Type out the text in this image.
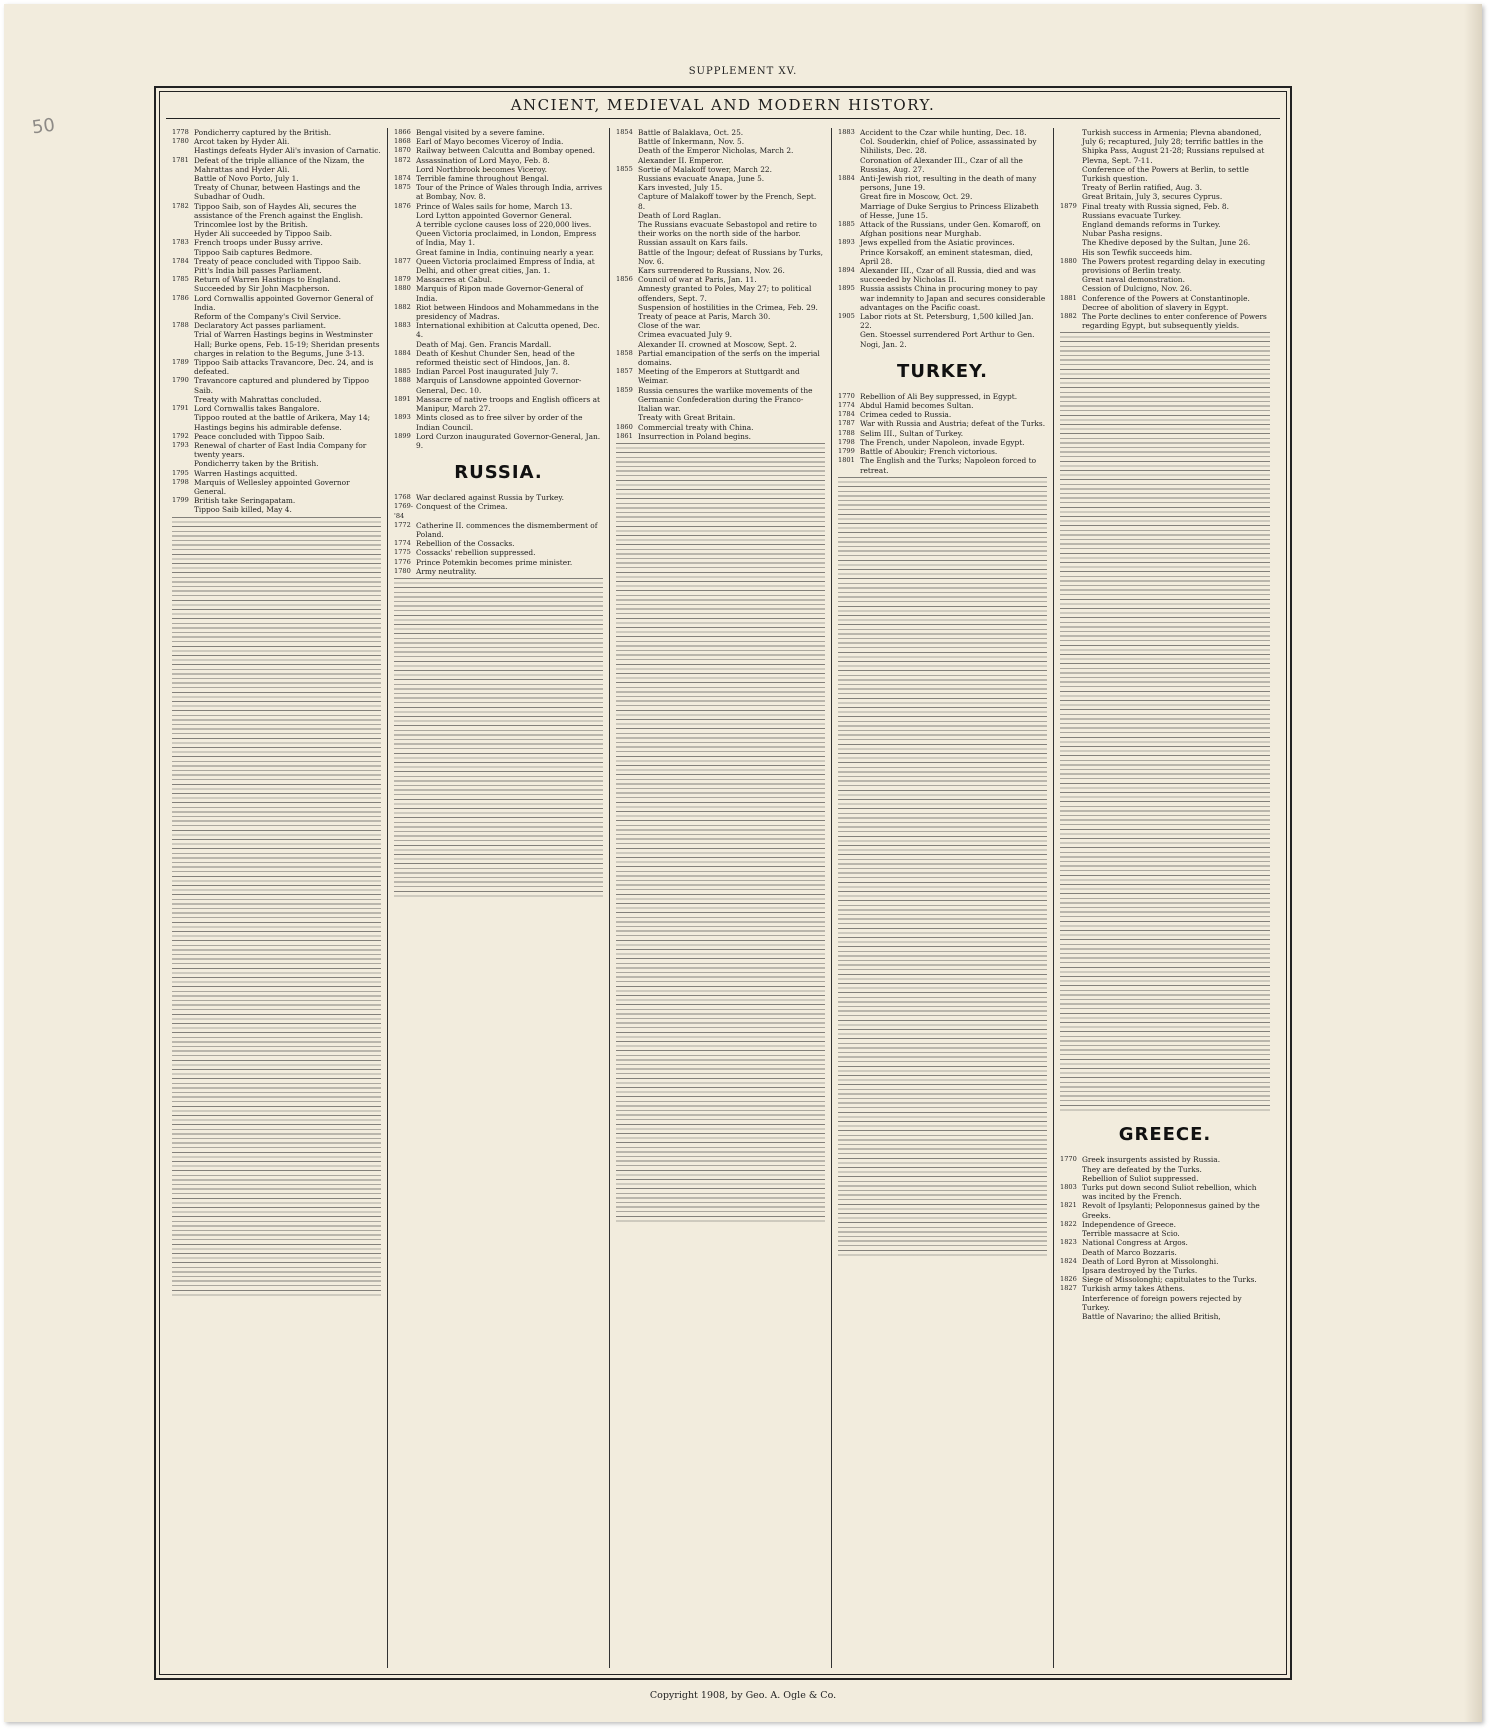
50
SUPPLEMENT XV.
ANCIENT, MEDIEVAL AND MODERN HISTORY.
1778 Pondicherry captured by the British.
1780 Arcot taken by Hyder Ali.
Hastings defeats Hyder Ali's invasion of Carnatic.
1781 Defeat of the triple alliance of the Nizam, the Mahrattas and Hyder Ali.
Battle of Novo Porto, July 1.
Treaty of Chunar, between Hastings and the Subadhar of Oudh.
1782 Tippoo Saib, son of Haydes Ali, secures the assistance of the French against the English.
Trincomlee lost by the British.
Hyder Ali succeeded by Tippoo Saib.
1783 French troops under Bussy arrive.
Tippoo Saib captures Bedmore.
1784 Treaty of peace concluded with Tippoo Saib.
Pitt's India bill passes Parliament.
1785 Return of Warren Hastings to England.
Succeeded by Sir John Macpherson.
1786 Lord Cornwallis appointed Governor General of India.
Reform of the Company's Civil Service.
1788 Declaratory Act passes parliament.
Trial of Warren Hastings begins in Westminster Hall; Burke opens, Feb. 15-19; Sheridan presents charges in relation to the Begums, June 3-13.
1789 Tippoo Saib attacks Travancore, Dec. 24, and is defeated.
1790 Travancore captured and plundered by Tippoo Saib.
Treaty with Mahrattas concluded.
1791 Lord Cornwallis takes Bangalore.
Tippoo routed at the battle of Arikera, May 14; Hastings begins his admirable defense.
1792 Peace concluded with Tippoo Saib.
1793 Renewal of charter of East India Company for twenty years.
Pondicherry taken by the British.
1795 Warren Hastings acquitted.
1798 Marquis of Wellesley appointed Governor General.
1799 British take Seringapatam.
Tippoo Saib killed, May 4.
1866 Bengal visited by a severe famine.
1868 Earl of Mayo becomes Viceroy of India.
1870 Railway between Calcutta and Bombay opened.
1872 Assassination of Lord Mayo, Feb. 8.
Lord Northbrook becomes Viceroy.
1874 Terrible famine throughout Bengal.
1875 Tour of the Prince of Wales through India, arrives at Bombay, Nov. 8.
1876 Prince of Wales sails for home, March 13.
Lord Lytton appointed Governor General.
A terrible cyclone causes loss of 220,000 lives.
Queen Victoria proclaimed, in London, Empress of India, May 1.
Great famine in India, continuing nearly a year.
1877 Queen Victoria proclaimed Empress of India, at Delhi, and other great cities, Jan. 1.
1879 Massacres at Cabul.
1880 Marquis of Ripon made Governor-General of India.
1882 Riot between Hindoos and Mohammedans in the presidency of Madras.
1883 International exhibition at Calcutta opened, Dec. 4.
Death of Maj. Gen. Francis Mardall.
1884 Death of Keshut Chunder Sen, head of the reformed theistic sect of Hindoos, Jan. 8.
1885 Indian Parcel Post inaugurated July 7.
1888 Marquis of Lansdowne appointed Governor-General, Dec. 10.
1891 Massacre of native troops and English officers at Manipur, March 27.
1893 Mints closed as to free silver by order of the Indian Council.
1899 Lord Curzon inaugurated Governor-General, Jan. 9.
RUSSIA.
1768 War declared against Russia by Turkey.
1769-'84
Conquest of the Crimea.
1772 Catherine II. commences the dismemberment of Poland.
1774 Rebellion of the Cossacks.
1775 Cossacks' rebellion suppressed.
1776 Prince Potemkin becomes prime minister.
1780 Army neutrality.
1854 Battle of Balaklava, Oct. 25.
Battle of Inkermann, Nov. 5.
Death of the Emperor Nicholas, March 2.
Alexander II. Emperor.
1855 Sortie of Malakoff tower, March 22.
Russians evacuate Anapa, June 5.
Kars invested, July 15.
Capture of Malakoff tower by the French, Sept. 8.
Death of Lord Raglan.
The Russians evacuate Sebastopol and retire to their works on the north side of the harbor.
Russian assault on Kars fails.
Battle of the Ingour; defeat of Russians by Turks, Nov. 6.
Kars surrendered to Russians, Nov. 26.
1856 Council of war at Paris, Jan. 11.
Amnesty granted to Poles, May 27; to political offenders, Sept. 7.
Suspension of hostilities in the Crimea, Feb. 29.
Treaty of peace at Paris, March 30.
Close of the war.
Crimea evacuated July 9.
Alexander II. crowned at Moscow, Sept. 2.
1858 Partial emancipation of the serfs on the imperial domains.
1857 Meeting of the Emperors at Stuttgardt and Weimar.
1859 Russia censures the warlike movements of the Germanic Confederation during the Franco-Italian war.
Treaty with Great Britain.
1860 Commercial treaty with China.
1861 Insurrection in Poland begins.
1883 Accident to the Czar while hunting, Dec. 18.
Col. Souderkin, chief of Police, assassinated by Nihilists, Dec. 28.
Coronation of Alexander III., Czar of all the Russias, Aug. 27.
1884 Anti-Jewish riot, resulting in the death of many persons, June 19.
Great fire in Moscow, Oct. 29.
Marriage of Duke Sergius to Princess Elizabeth of Hesse, June 15.
1885 Attack of the Russians, under Gen. Komaroff, on Afghan positions near Murghab.
1893 Jews expelled from the Asiatic provinces.
Prince Korsakoff, an eminent statesman, died, April 28.
1894 Alexander III., Czar of all Russia, died and was succeeded by Nicholas II.
1895 Russia assists China in procuring money to pay war indemnity to Japan and secures considerable advantages on the Pacific coast.
1905 Labor riots at St. Petersburg, 1,500 killed Jan. 22.
Gen. Stoessel surrendered Port Arthur to Gen. Nogi, Jan. 2.
TURKEY.
1770 Rebellion of Ali Bey suppressed, in Egypt.
1774 Abdul Hamid becomes Sultan.
1784 Crimea ceded to Russia.
1787 War with Russia and Austria; defeat of the Turks.
1788 Selim III., Sultan of Turkey.
1798 The French, under Napoleon, invade Egypt.
1799 Battle of Aboukir; French victorious.
1801 The English and the Turks; Napoleon forced to retreat.
Turkish success in Armenia; Plevna abandoned, July 6; recaptured, July 28; terrific battles in the Shipka Pass, August 21-28; Russians repulsed at Plevna, Sept. 7-11.
Conference of the Powers at Berlin, to settle Turkish question.
Treaty of Berlin ratified, Aug. 3.
Great Britain, July 3, secures Cyprus.
1879 Final treaty with Russia signed, Feb. 8.
Russians evacuate Turkey.
England demands reforms in Turkey.
Nubar Pasha resigns.
The Khedive deposed by the Sultan, June 26.
His son Tewfik succeeds him.
1880 The Powers protest regarding delay in executing provisions of Berlin treaty.
Great naval demonstration.
Cession of Dulcigno, Nov. 26.
1881 Conference of the Powers at Constantinople.
Decree of abolition of slavery in Egypt.
1882 The Porte declines to enter conference of Powers regarding Egypt, but subsequently yields.
GREECE.
1770 Greek insurgents assisted by Russia.
They are defeated by the Turks.
Rebellion of Suliot suppressed.
1803 Turks put down second Suliot rebellion, which was incited by the French.
1821 Revolt of Ipsylanti; Peloponnesus gained by the Greeks.
1822 Independence of Greece.
Terrible massacre at Scio.
1823 National Congress at Argos.
Death of Marco Bozzaris.
1824 Death of Lord Byron at Missolonghi.
Ipsara destroyed by the Turks.
1826 Siege of Missolonghi; capitulates to the Turks.
1827 Turkish army takes Athens.
Interference of foreign powers rejected by Turkey.
Battle of Navarino; the allied British,
Copyright 1908, by Geo. A. Ogle & Co.
